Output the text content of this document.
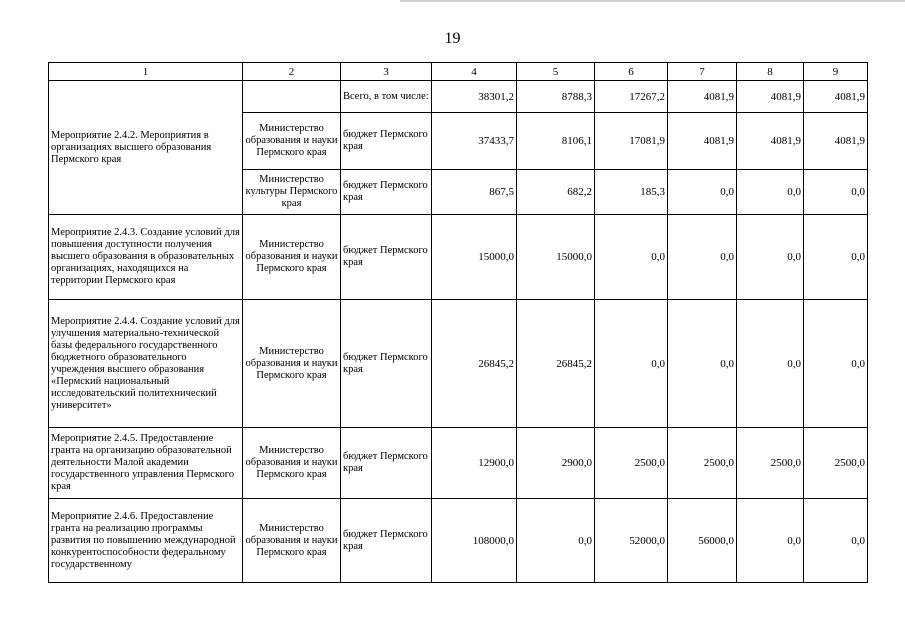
19
1	2	3	4	5	6	7	8	9
Мероприятие 2.4.2. Мероприятия в организациях высшего образования Пермского края		Всего, в том числе:	38301,2	8788,3	17267,2	4081,9	4081,9	4081,9
	Министерство образования и науки Пермского края	бюджет Пермского края	37433,7	8106,1	17081,9	4081,9	4081,9	4081,9
	Министерство культуры Пермского края	бюджет Пермского края	867,5	682,2	185,3	0,0	0,0	0,0
Мероприятие 2.4.3. Создание условий для повышения доступности получения высшего образования в образовательных организациях, находящихся на территории Пермского края	Министерство образования и науки Пермского края	бюджет Пермского края	15000,0	15000,0	0,0	0,0	0,0	0,0
Мероприятие 2.4.4. Создание условий для улучшения материально-технической базы федерального государственного бюджетного образовательного учреждения высшего образования «Пермский национальный исследовательский политехнический университет»	Министерство образования и науки Пермского края	бюджет Пермского края	26845,2	26845,2	0,0	0,0	0,0	0,0
Мероприятие 2.4.5. Предоставление гранта на организацию образовательной деятельности Малой академии государственного управления Пермского края	Министерство образования и науки Пермского края	бюджет Пермского края	12900,0	2900,0	2500,0	2500,0	2500,0	2500,0
Мероприятие 2.4.6. Предоставление гранта на реализацию программы развития по повышению международной конкурентоспособности федеральному государственному	Министерство образования и науки Пермского края	бюджет Пермского края	108000,0	0,0	52000,0	56000,0	0,0	0,0
